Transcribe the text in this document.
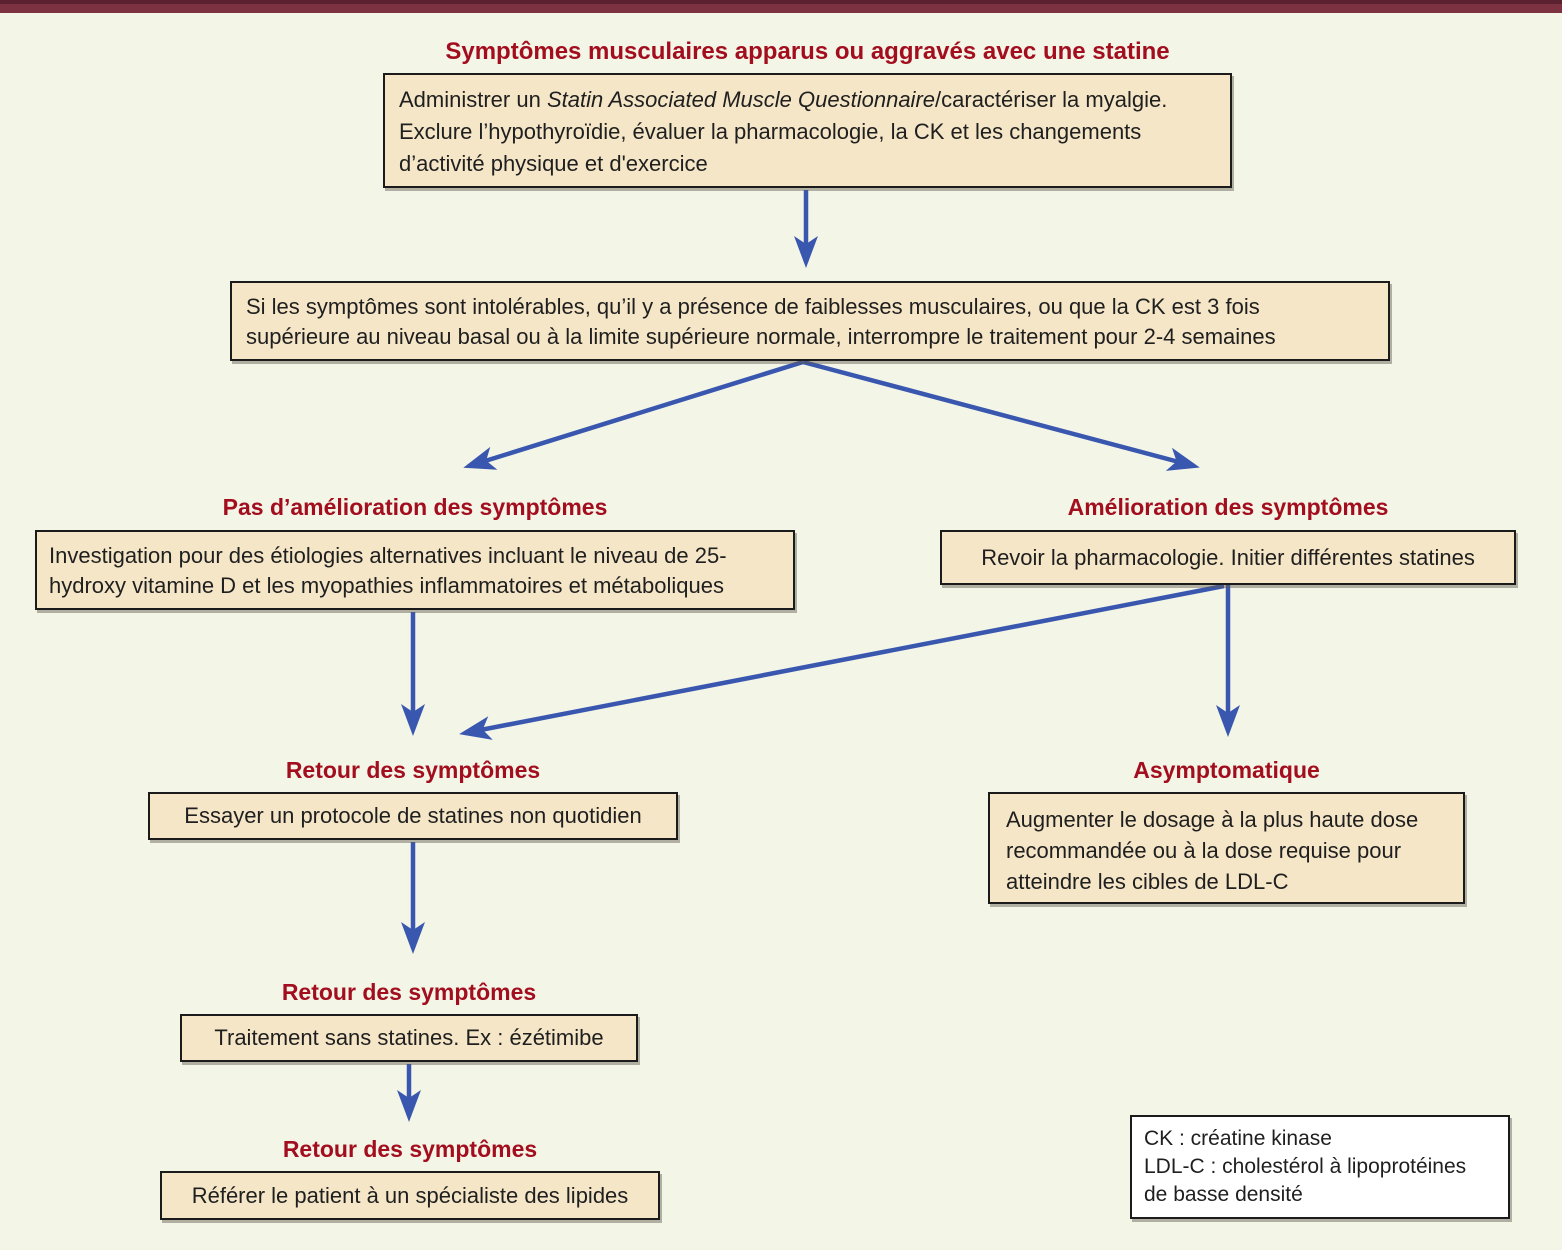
Symptômes musculaires apparus ou aggravés avec une statine
Administrer un Statin Associated Muscle Questionnaire/caractériser la myalgie. Exclure l’hypothyroïdie, évaluer la pharmacologie, la CK et les changements d’activité physique et d'exercice
Si les symptômes sont intolérables, qu’il y a présence de faiblesses musculaires, ou que la CK est 3 fois supérieure au niveau basal ou à la limite supérieure normale, interrompre le traitement pour 2-4 semaines
Pas d’amélioration des symptômes
Investigation pour des étiologies alternatives incluant le niveau de 25-hydroxy vitamine D et les myopathies inflammatoires et métaboliques
Amélioration des symptômes
Revoir la pharmacologie. Initier différentes statines
Retour des symptômes
Essayer un protocole de statines non quotidien
Asymptomatique
Augmenter le dosage à la plus haute dose recommandée ou à la dose requise pour atteindre les cibles de LDL-C
Retour des symptômes
Traitement sans statines. Ex : ézétimibe
Retour des symptômes
Référer le patient à un spécialiste des lipides
CK : créatine kinase
LDL-C : cholestérol à lipoprotéines
de basse densité
